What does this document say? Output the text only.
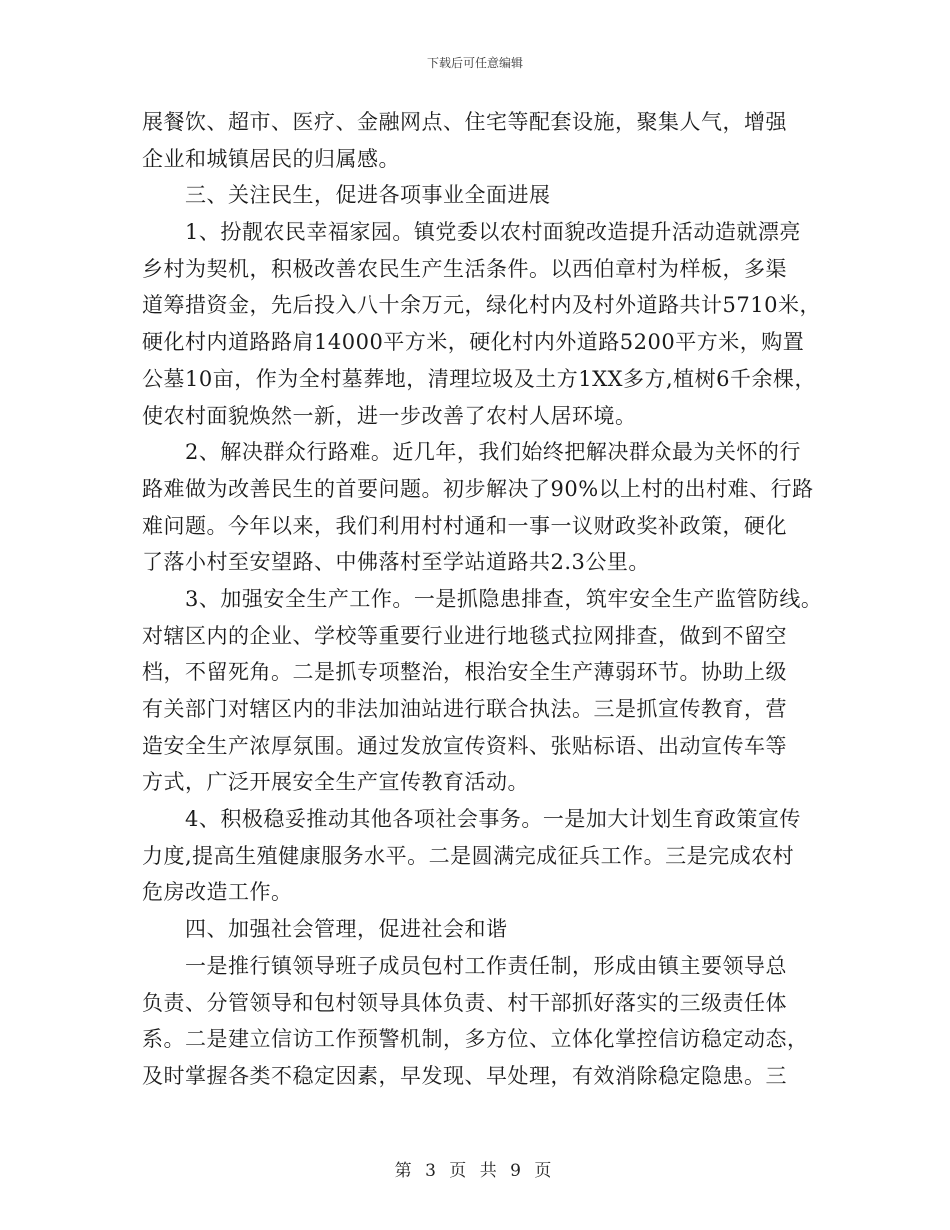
下载后可任意编辑
展餐饮、超市、医疗、金融网点、住宅等配套设施，聚集人气，增强
企业和城镇居民的归属感。
　　三、关注民生，促进各项事业全面进展
　　1、扮靓农民幸福家园。镇党委以农村面貌改造提升活动造就漂亮
乡村为契机，积极改善农民生产生活条件。以西伯章村为样板，多渠
道筹措资金，先后投入八十余万元，绿化村内及村外道路共计5710米，
硬化村内道路路肩14000平方米，硬化村内外道路5200平方米，购置
公墓10亩，作为全村墓葬地，清理垃圾及土方1XX多方,植树6千余棵，
使农村面貌焕然一新，进一步改善了农村人居环境。
　　2、解决群众行路难。近几年，我们始终把解决群众最为关怀的行
路难做为改善民生的首要问题。初步解决了90%以上村的出村难、行路
难问题。今年以来，我们利用村村通和一事一议财政奖补政策，硬化
了落小村至安望路、中佛落村至学站道路共2.3公里。
　　3、加强安全生产工作。一是抓隐患排查，筑牢安全生产监管防线。
对辖区内的企业、学校等重要行业进行地毯式拉网排查，做到不留空
档，不留死角。二是抓专项整治，根治安全生产薄弱环节。协助上级
有关部门对辖区内的非法加油站进行联合执法。三是抓宣传教育，营
造安全生产浓厚氛围。通过发放宣传资料、张贴标语、出动宣传车等
方式，广泛开展安全生产宣传教育活动。
　　4、积极稳妥推动其他各项社会事务。一是加大计划生育政策宣传
力度,提高生殖健康服务水平。二是圆满完成征兵工作。三是完成农村
危房改造工作。
　　四、加强社会管理，促进社会和谐
　　一是推行镇领导班子成员包村工作责任制，形成由镇主要领导总
负责、分管领导和包村领导具体负责、村干部抓好落实的三级责任体
系。二是建立信访工作预警机制，多方位、立体化掌控信访稳定动态，
及时掌握各类不稳定因素，早发现、早处理，有效消除稳定隐患。三
第 3 页 共 9 页
